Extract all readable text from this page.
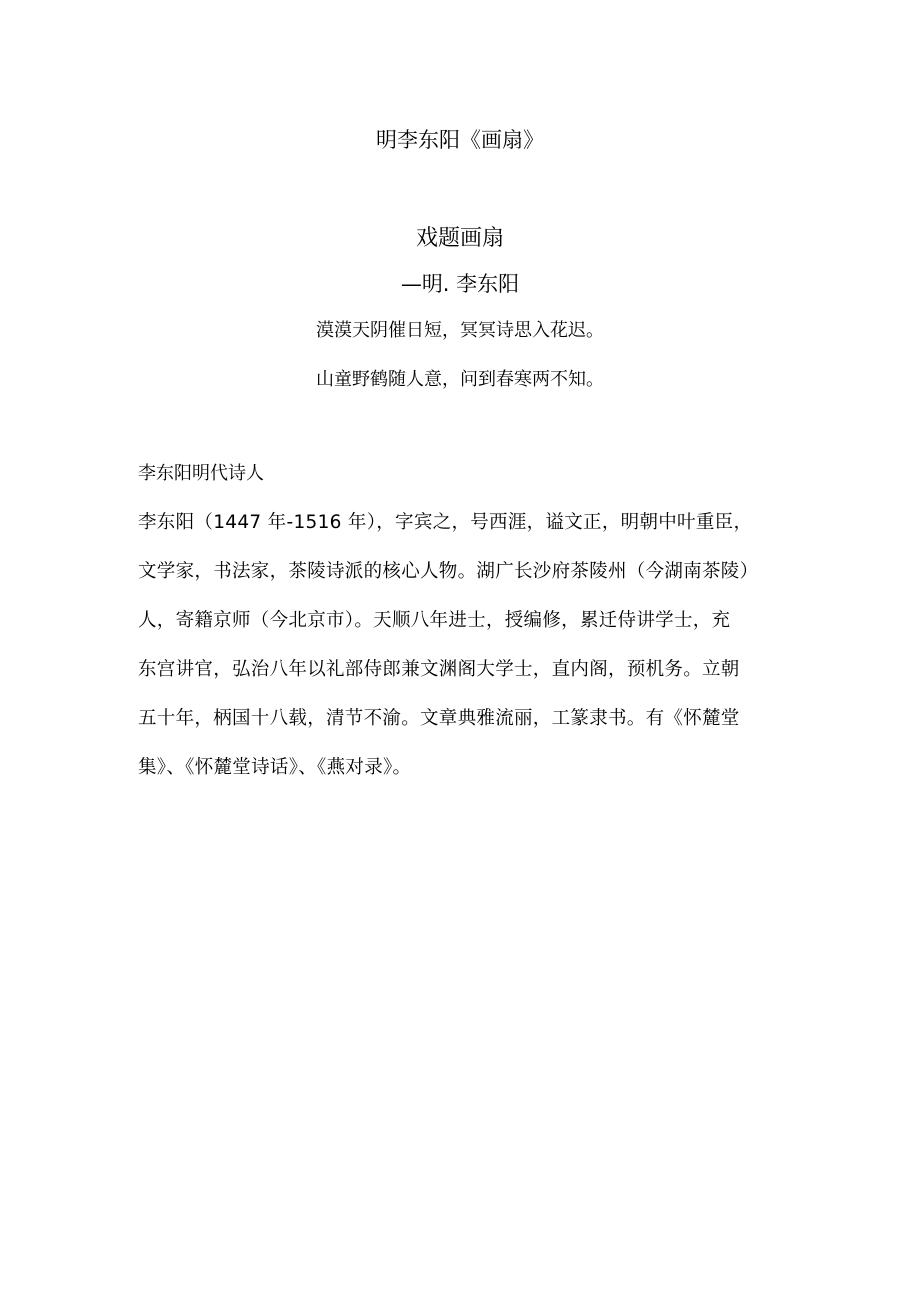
明李东阳《画扇》
戏题画扇
—明. 李东阳
漠漠天阴催日短，冥冥诗思入花迟。
山童野鹤随人意，问到春寒两不知。
李东阳明代诗人
李东阳（1447 年-1516 年），字宾之，号西涯，谥文正，明朝中叶重臣，
文学家，书法家，茶陵诗派的核心人物。湖广长沙府茶陵州（今湖南茶陵）
人，寄籍京师（今北京市）。天顺八年进士，授编修，累迁侍讲学士，充
东宫讲官，弘治八年以礼部侍郎兼文渊阁大学士，直内阁，预机务。立朝
五十年，柄国十八载，清节不渝。文章典雅流丽，工篆隶书。有《怀麓堂
集》、《怀麓堂诗话》、《燕对录》。
